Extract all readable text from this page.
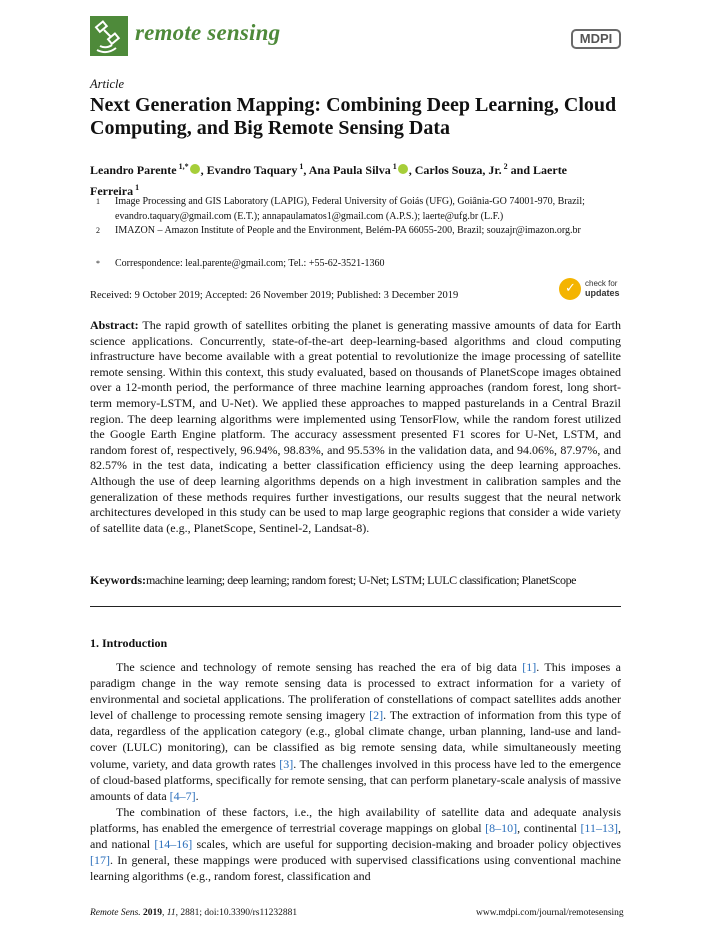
remote sensing	MDPI
Article
Next Generation Mapping: Combining Deep Learning, Cloud Computing, and Big Remote Sensing Data
Leandro Parente $^{1,*}$ , Evandro Taquary $^1$, Ana Paula Silva $^1$ , Carlos Souza, Jr. $^2$ and Laerte Ferreira $^1$
1 Image Processing and GIS Laboratory (LAPIG), Federal University of Goiás (UFG), Goiânia-GO 74001-970, Brazil; evandro.taquary@gmail.com (E.T.); annapaulamatos1@gmail.com (A.P.S.); laerte@ufg.br (L.F.)
2 IMAZON – Amazon Institute of People and the Environment, Belém-PA 66055-200, Brazil; souzajr@imazon.org.br
* Correspondence: leal.parente@gmail.com; Tel.: +55-62-3521-1360
Received: 9 October 2019; Accepted: 26 November 2019; Published: 3 December 2019	✓ check for
updates
Abstract: The rapid growth of satellites orbiting the planet is generating massive amounts of data for Earth science applications. Concurrently, state-of-the-art deep-learning-based algorithms and cloud computing infrastructure have become available with a great potential to revolutionize the image processing of satellite remote sensing. Within this context, this study evaluated, based on thousands of PlanetScope images obtained over a 12-month period, the performance of three machine learning approaches (random forest, long short-term memory-LSTM, and U-Net). We applied these approaches to mapped pasturelands in a Central Brazil region. The deep learning algorithms were implemented using TensorFlow, while the random forest utilized the Google Earth Engine platform. The accuracy assessment presented F1 scores for U-Net, LSTM, and random forest of, respectively, 96.94%, 98.83%, and 95.53% in the validation data, and 94.06%, 87.97%, and 82.57% in the test data, indicating a better classification efficiency using the deep learning approaches. Although the use of deep learning algorithms depends on a high investment in calibration samples and the generalization of these methods requires further investigations, our results suggest that the neural network architectures developed in this study can be used to map large geographic regions that consider a wide variety of satellite data (e.g., PlanetScope, Sentinel-2, Landsat-8).
Keywords:machine learning; deep learning; random forest; U-Net; LSTM; LULC classification; PlanetScope
1. Introduction

The science and technology of remote sensing has reached the era of big data [1]. This imposes a paradigm change in the way remote sensing data is processed to extract information for a variety of environmental and societal applications. The proliferation of constellations of compact satellites adds another level of challenge to processing remote sensing imagery [2]. The extraction of information from this type of data, regardless of the application category (e.g., global climate change, urban planning, land-use and land-cover (LULC) monitoring), can be classified as big remote sensing data, while simultaneously meeting volume, variety, and data growth rates [3]. The challenges involved in this process have led to the emergence of cloud-based platforms, specifically for remote sensing, that can perform planetary-scale analysis of massive amounts of data [4–7].

The combination of these factors, i.e., the high availability of satellite data and adequate analysis platforms, has enabled the emergence of terrestrial coverage mappings on global [8–10], continental [11–13], and national [14–16] scales, which are useful for supporting decision-making and broader policy objectives [17]. In general, these mappings were produced with supervised classifications using conventional machine learning algorithms (e.g., random forest, classification and

Remote Sens. 2019, 11, 2881; doi:10.3390/rs11232881	www.mdpi.com/journal/remotesensing
